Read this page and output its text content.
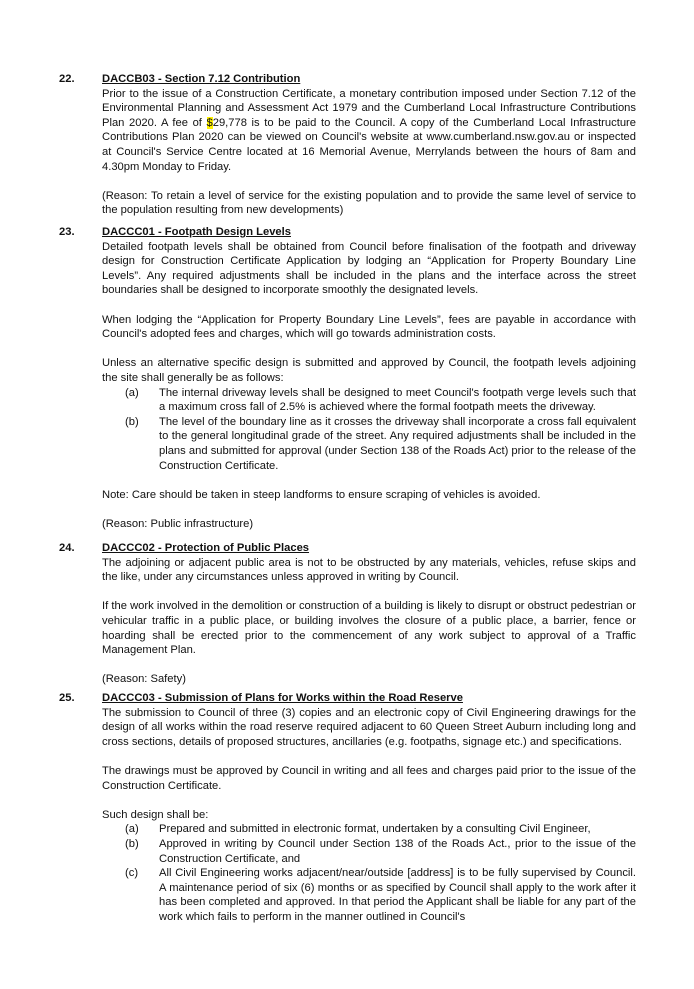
22. DACCB03 - Section 7.12 Contribution

Prior to the issue of a Construction Certificate, a monetary contribution imposed under Section 7.12 of the Environmental Planning and Assessment Act 1979 and the Cumberland Local Infrastructure Contributions Plan 2020. A fee of $29,778 is to be paid to the Council. A copy of the Cumberland Local Infrastructure Contributions Plan 2020 can be viewed on Council's website at www.cumberland.nsw.gov.au or inspected at Council's Service Centre located at 16 Memorial Avenue, Merrylands between the hours of 8am and 4.30pm Monday to Friday.

(Reason: To retain a level of service for the existing population and to provide the same level of service to the population resulting from new developments)

23. DACCC01 - Footpath Design Levels

Detailed footpath levels shall be obtained from Council before finalisation of the footpath and driveway design for Construction Certificate Application by lodging an “Application for Property Boundary Line Levels”. Any required adjustments shall be included in the plans and the interface across the street boundaries shall be designed to incorporate smoothly the designated levels.

When lodging the “Application for Property Boundary Line Levels”, fees are payable in accordance with Council's adopted fees and charges, which will go towards administration costs.

Unless an alternative specific design is submitted and approved by Council, the footpath levels adjoining the site shall generally be as follows:

(a) The internal driveway levels shall be designed to meet Council's footpath verge levels such that a maximum cross fall of 2.5% is achieved where the formal footpath meets the driveway.
(b) The level of the boundary line as it crosses the driveway shall incorporate a cross fall equivalent to the general longitudinal grade of the street. Any required adjustments shall be included in the plans and submitted for approval (under Section 138 of the Roads Act) prior to the release of the Construction Certificate.

Note: Care should be taken in steep landforms to ensure scraping of vehicles is avoided.

(Reason: Public infrastructure)

24. DACCC02 - Protection of Public Places

The adjoining or adjacent public area is not to be obstructed by any materials, vehicles, refuse skips and the like, under any circumstances unless approved in writing by Council.

If the work involved in the demolition or construction of a building is likely to disrupt or obstruct pedestrian or vehicular traffic in a public place, or building involves the closure of a public place, a barrier, fence or hoarding shall be erected prior to the commencement of any work subject to approval of a Traffic Management Plan.

(Reason: Safety)

25. DACCC03 - Submission of Plans for Works within the Road Reserve

The submission to Council of three (3) copies and an electronic copy of Civil Engineering drawings for the design of all works within the road reserve required adjacent to 60 Queen Street Auburn including long and cross sections, details of proposed structures, ancillaries (e.g. footpaths, signage etc.) and specifications.

The drawings must be approved by Council in writing and all fees and charges paid prior to the issue of the Construction Certificate.

Such design shall be:

(a) Prepared and submitted in electronic format, undertaken by a consulting Civil Engineer,
(b) Approved in writing by Council under Section 138 of the Roads Act., prior to the issue of the Construction Certificate, and
(c) All Civil Engineering works adjacent/near/outside [address] is to be fully supervised by Council. A maintenance period of six (6) months or as specified by Council shall apply to the work after it has been completed and approved. In that period the Applicant shall be liable for any part of the work which fails to perform in the manner outlined in Council's
